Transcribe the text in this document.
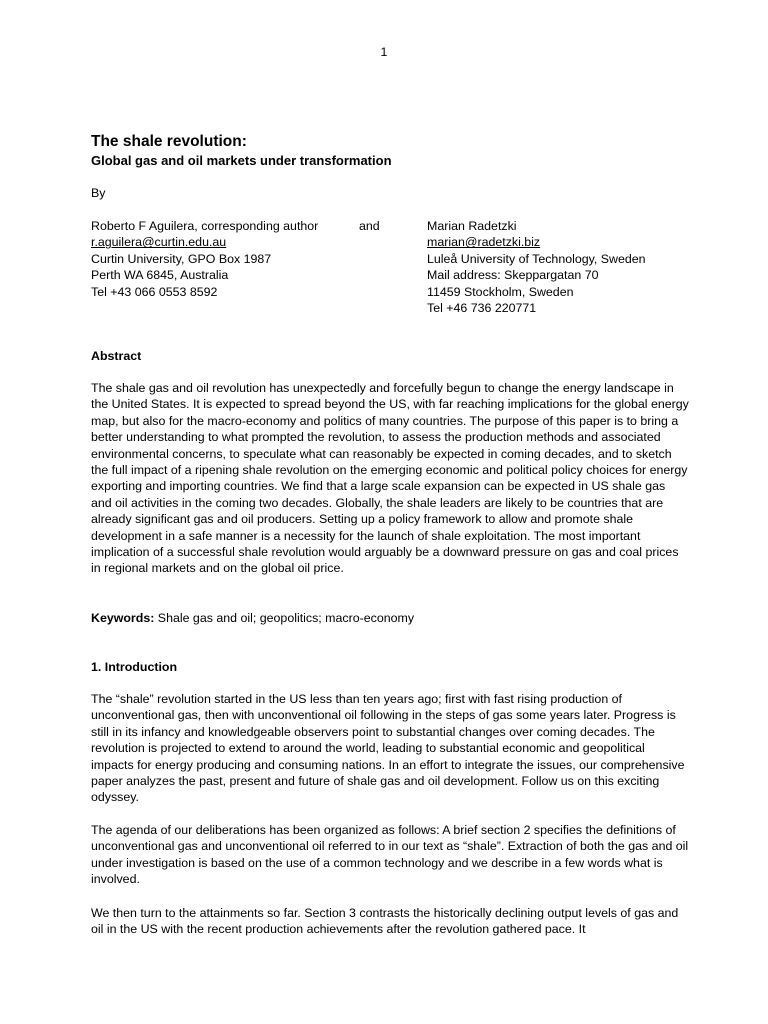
1
The shale revolution:
Global gas and oil markets under transformation
By
Roberto F Aguilera, corresponding author
r.aguilera@curtin.edu.au
Curtin University, GPO Box 1987
Perth WA 6845, Australia
Tel +43 066 0553 8592
and	Marian Radetzki
marian@radetzki.biz
Luleå University of Technology, Sweden
Mail address: Skeppargatan 70
11459 Stockholm, Sweden
Tel +46 736 220771
Abstract

The shale gas and oil revolution has unexpectedly and forcefully begun to change the energy landscape in the United States. It is expected to spread beyond the US, with far reaching implications for the global energy map, but also for the macro-economy and politics of many countries. The purpose of this paper is to bring a better understanding to what prompted the revolution, to assess the production methods and associated environmental concerns, to speculate what can reasonably be expected in coming decades, and to sketch the full impact of a ripening shale revolution on the emerging economic and political policy choices for energy exporting and importing countries. We find that a large scale expansion can be expected in US shale gas and oil activities in the coming two decades. Globally, the shale leaders are likely to be countries that are already significant gas and oil producers. Setting up a policy framework to allow and promote shale development in a safe manner is a necessity for the launch of shale exploitation. The most important implication of a successful shale revolution would arguably be a downward pressure on gas and coal prices in regional markets and on the global oil price.

Keywords: Shale gas and oil; geopolitics; macro-economy

1. Introduction

The “shale” revolution started in the US less than ten years ago; first with fast rising production of unconventional gas, then with unconventional oil following in the steps of gas some years later. Progress is still in its infancy and knowledgeable observers point to substantial changes over coming decades. The revolution is projected to extend to around the world, leading to substantial economic and geopolitical impacts for energy producing and consuming nations. In an effort to integrate the issues, our comprehensive paper analyzes the past, present and future of shale gas and oil development. Follow us on this exciting odyssey.

The agenda of our deliberations has been organized as follows: A brief section 2 specifies the definitions of unconventional gas and unconventional oil referred to in our text as “shale”. Extraction of both the gas and oil under investigation is based on the use of a common technology and we describe in a few words what is involved.

We then turn to the attainments so far. Section 3 contrasts the historically declining output levels of gas and oil in the US with the recent production achievements after the revolution gathered pace. It
